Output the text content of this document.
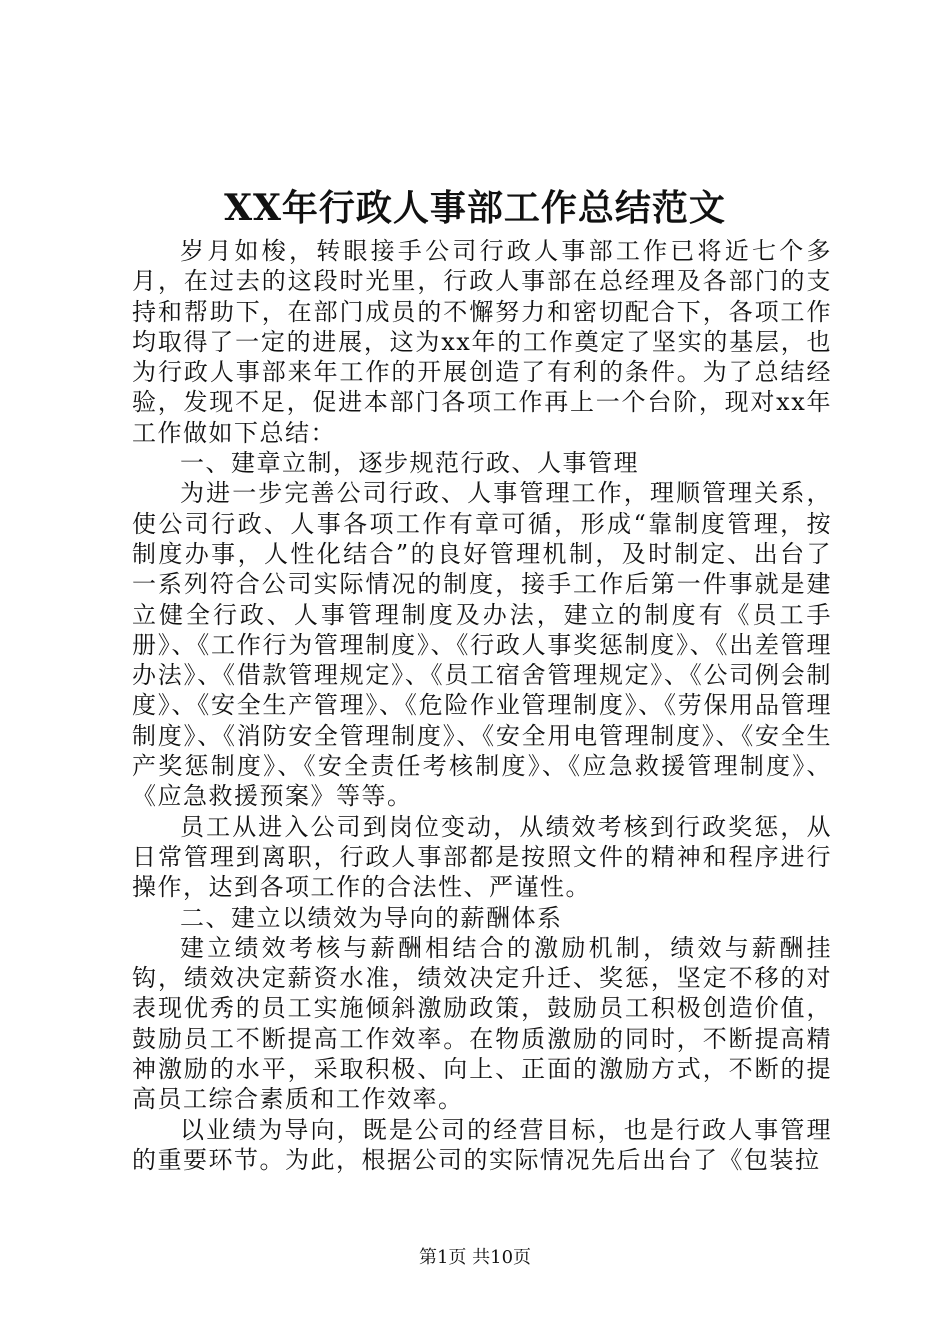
XX年行政人事部工作总结范文

岁月如梭，转眼接手公司行政人事部工作已将近七个多月，在过去的这段时光里，行政人事部在总经理及各部门的支持和帮助下，在部门成员的不懈努力和密切配合下，各项工作均取得了一定的进展，这为xx年的工作奠定了坚实的基层，也为行政人事部来年工作的开展创造了有利的条件。为了总结经验，发现不足，促进本部门各项工作再上一个台阶，现对xx年工作做如下总结：

一、建章立制，逐步规范行政、人事管理

为进一步完善公司行政、人事管理工作，理顺管理关系，使公司行政、人事各项工作有章可循，形成“靠制度管理，按制度办事，人性化结合”的良好管理机制，及时制定、出台了一系列符合公司实际情况的制度，接手工作后第一件事就是建立健全行政、人事管理制度及办法，建立的制度有《员工手册》、《工作行为管理制度》、《行政人事奖惩制度》、《出差管理办法》、《借款管理规定》、《员工宿舍管理规定》、《公司例会制度》、《安全生产管理》、《危险作业管理制度》、《劳保用品管理制度》、《消防安全管理制度》、《安全用电管理制度》、《安全生产奖惩制度》、《安全责任考核制度》、《应急救援管理制度》、《应急救援预案》等等。

员工从进入公司到岗位变动，从绩效考核到行政奖惩，从日常管理到离职，行政人事部都是按照文件的精神和程序进行操作，达到各项工作的合法性、严谨性。

二、建立以绩效为导向的薪酬体系

建立绩效考核与薪酬相结合的激励机制，绩效与薪酬挂钩，绩效决定薪资水准，绩效决定升迁、奖惩，坚定不移的对表现优秀的员工实施倾斜激励政策，鼓励员工积极创造价值，鼓励员工不断提高工作效率。在物质激励的同时，不断提高精神激励的水平，采取积极、向上、正面的激励方式，不断的提高员工综合素质和工作效率。

以业绩为导向，既是公司的经营目标，也是行政人事管理的重要环节。为此，根据公司的实际情况先后出台了《包装拉

第1页 共10页
